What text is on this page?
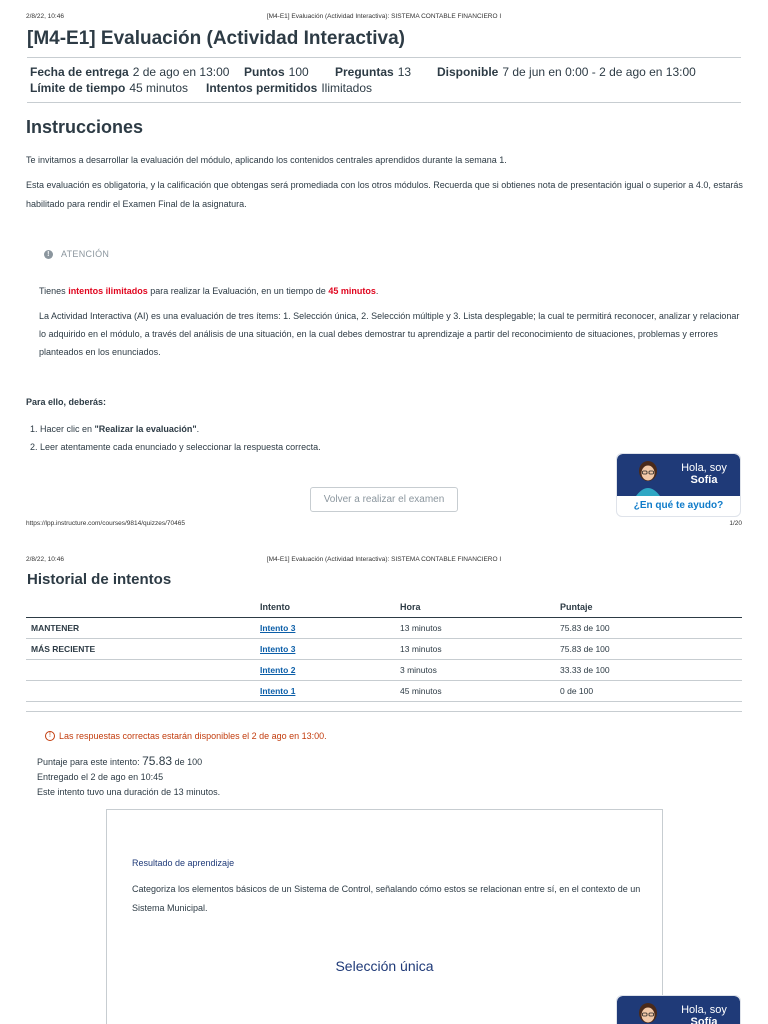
2/8/22, 10:46	[M4-E1] Evaluación (Actividad Interactiva): SISTEMA CONTABLE FINANCIERO I
[M4-E1] Evaluación (Actividad Interactiva)
Fecha de entrega 2 de ago en 13:00 Puntos 100 Preguntas 13 Disponible 7 de jun en 0:00 - 2 de ago en 13:00
Límite de tiempo 45 minutos Intentos permitidos Ilimitados
Instrucciones

Te invitamos a desarrollar la evaluación del módulo, aplicando los contenidos centrales aprendidos durante la semana 1.

Esta evaluación es obligatoria, y la calificación que obtengas será promediada con los otros módulos. Recuerda que si obtienes nota de presentación igual o superior a 4.0, estarás habilitado para rendir el Examen Final de la asignatura.

!	ATENCIÓN

Tienes intentos ilimitados para realizar la Evaluación, en un tiempo de 45 minutos.

La Actividad Interactiva (AI) es una evaluación de tres ítems: 1. Selección única, 2. Selección múltiple y 3. Lista desplegable; la cual te permitirá reconocer, analizar y relacionar lo adquirido en el módulo, a través del análisis de una situación, en la cual debes demostrar tu aprendizaje a partir del reconocimiento de situaciones, problemas y errores planteados en los enunciados.

Para ello, deberás:

1. Hacer clic en "Realizar la evaluación".
2. Leer atentamente cada enunciado y seleccionar la respuesta correcta.
Volver a realizar el examen
Hola, soy
Sofía
¿En qué te ayudo?
https://lpp.instructure.com/courses/9814/quizzes/70465	1/20
2/8/22, 10:46	[M4-E1] Evaluación (Actividad Interactiva): SISTEMA CONTABLE FINANCIERO I
Historial de intentos
	Intento	Hora	Puntaje
MANTENER	Intento 3	13 minutos	75.83 de 100
MÁS RECIENTE	Intento 3	13 minutos	75.83 de 100
	Intento 2	3 minutos	33.33 de 100
	Intento 1	45 minutos	0 de 100
! Las respuestas correctas estarán disponibles el 2 de ago en 13:00.
Puntaje para este intento: 75.83 de 100
Entregado el 2 de ago en 10:45
Este intento tuvo una duración de 13 minutos.
Resultado de aprendizaje
Categoriza los elementos básicos de un Sistema de Control, señalando cómo estos se relacionan entre sí, en el contexto de un Sistema Municipal.
Selección única
Hola, soy
Sofía
